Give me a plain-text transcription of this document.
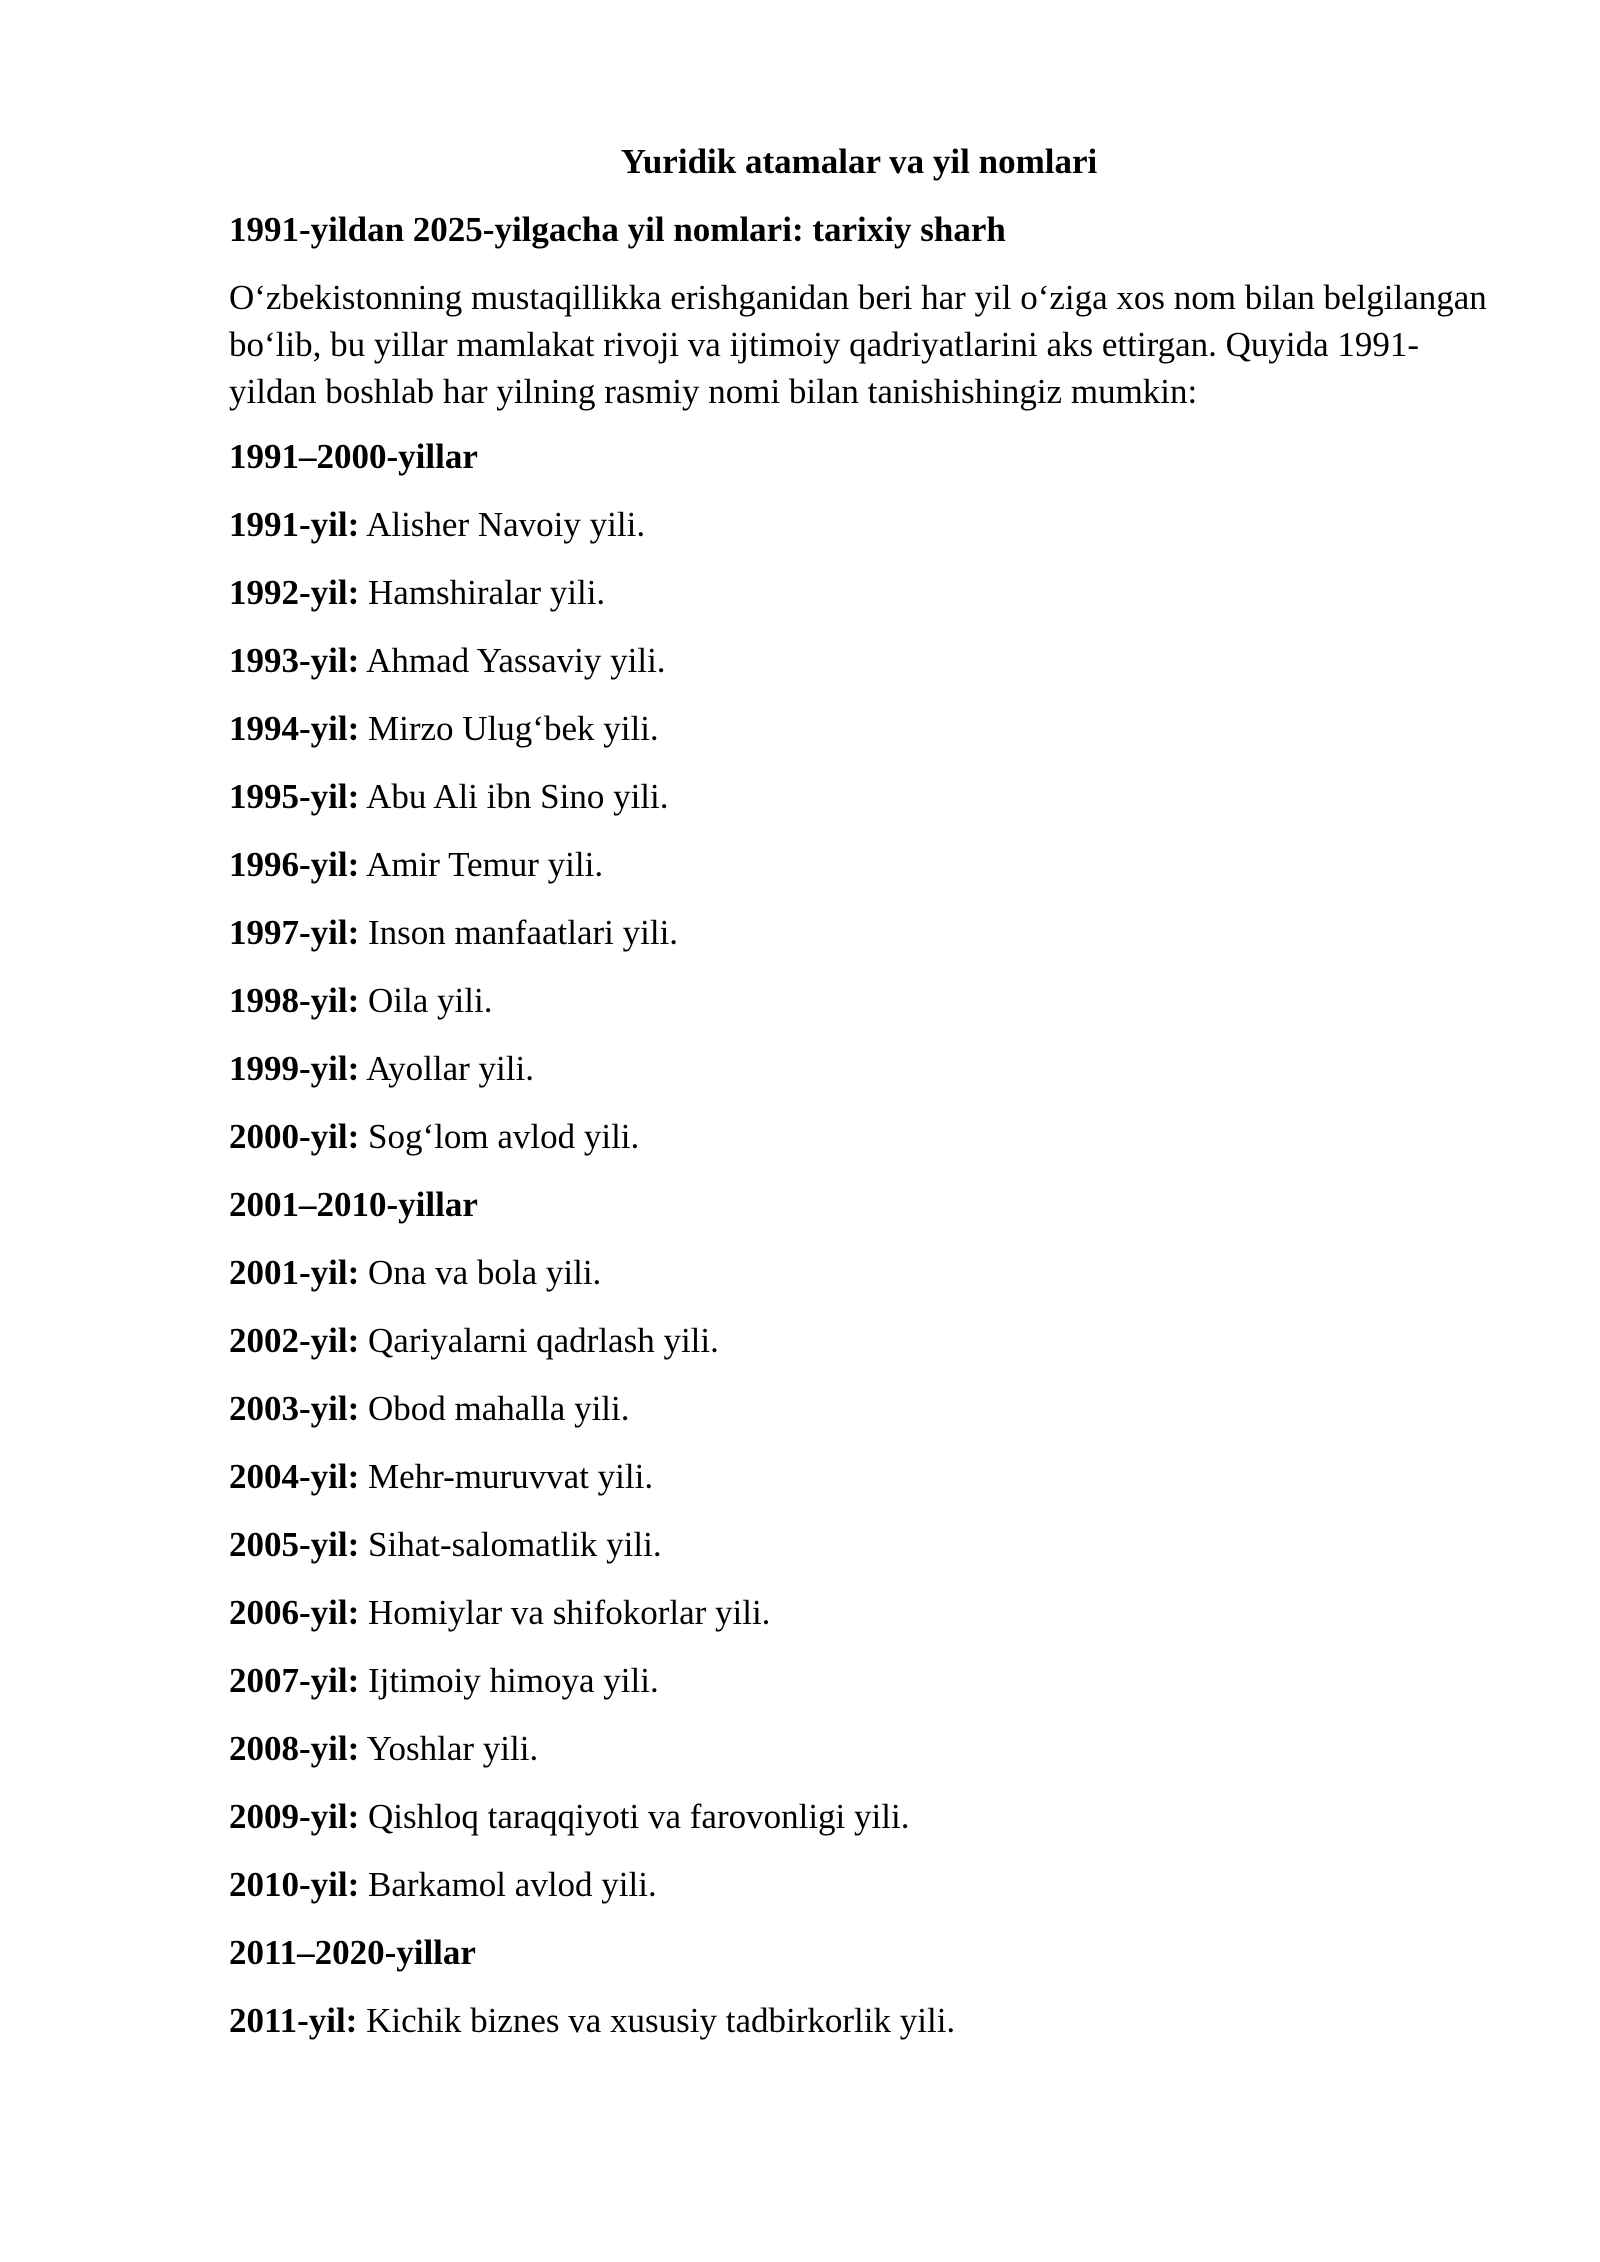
Yuridik atamalar va yil nomlari
1991-yildan 2025-yilgacha yil nomlari: tarixiy sharh

O‘zbekistonning mustaqillikka erishganidan beri har yil o‘ziga xos nom bilan belgilangan bo‘lib, bu yillar mamlakat rivoji va ijtimoiy qadriyatlarini aks ettirgan. Quyida 1991-yildan boshlab har yilning rasmiy nomi bilan tanishishingiz mumkin:

1991–2000-yillar
1991-yil: Alisher Navoiy yili.
1992-yil: Hamshiralar yili.
1993-yil: Ahmad Yassaviy yili.
1994-yil: Mirzo Ulug‘bek yili.
1995-yil: Abu Ali ibn Sino yili.
1996-yil: Amir Temur yili.
1997-yil: Inson manfaatlari yili.
1998-yil: Oila yili.
1999-yil: Ayollar yili.
2000-yil: Sog‘lom avlod yili.
2001–2010-yillar
2001-yil: Ona va bola yili.
2002-yil: Qariyalarni qadrlash yili.
2003-yil: Obod mahalla yili.
2004-yil: Mehr-muruvvat yili.
2005-yil: Sihat-salomatlik yili.
2006-yil: Homiylar va shifokorlar yili.
2007-yil: Ijtimoiy himoya yili.
2008-yil: Yoshlar yili.
2009-yil: Qishloq taraqqiyoti va farovonligi yili.
2010-yil: Barkamol avlod yili.
2011–2020-yillar
2011-yil: Kichik biznes va xususiy tadbirkorlik yili.
